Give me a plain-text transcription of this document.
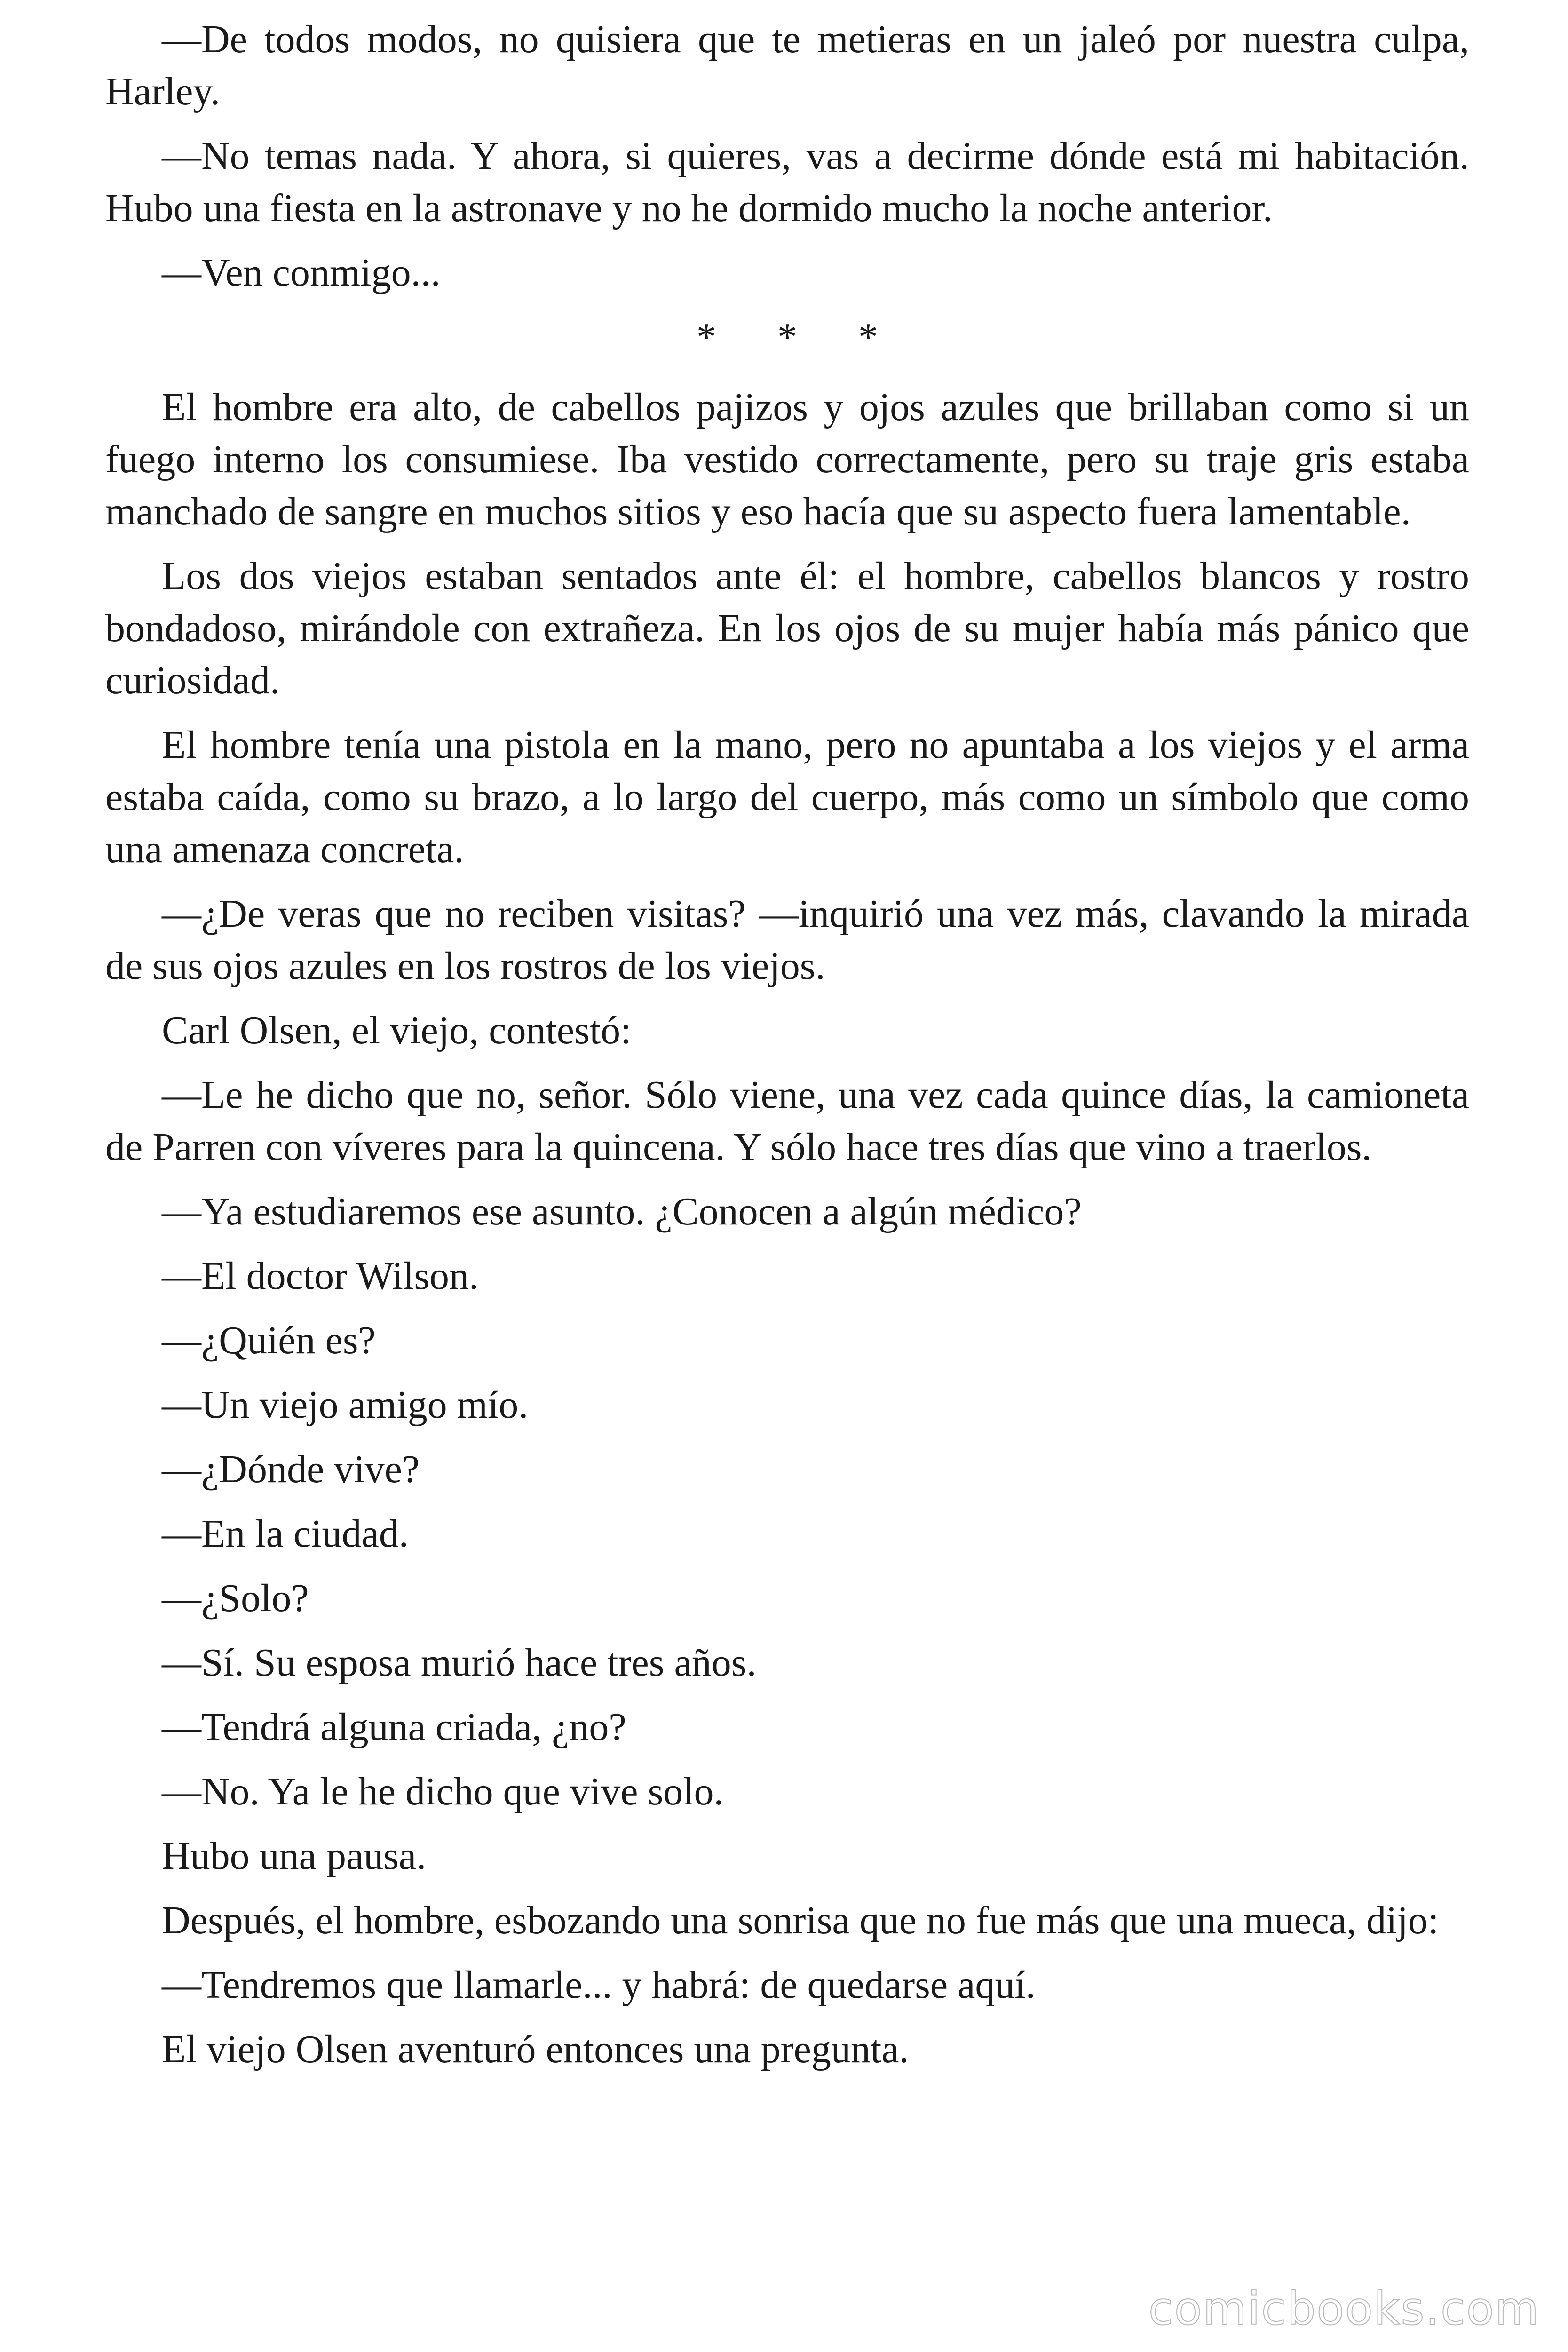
—De todos modos, no quisiera que te metieras en un jaleó por nuestra culpa, Harley.

—No temas nada. Y ahora, si quieres, vas a decirme dónde está mi habitación. Hubo una fiesta en la astronave y no he dormido mucho la noche anterior.

—Ven conmigo...

* * *

El hombre era alto, de cabellos pajizos y ojos azules que brillaban como si un fuego interno los consumiese. Iba vestido correctamente, pero su traje gris estaba manchado de sangre en muchos sitios y eso hacía que su aspecto fuera lamentable.

Los dos viejos estaban sentados ante él: el hombre, cabellos blancos y rostro bondadoso, mirándole con extrañeza. En los ojos de su mujer había más pánico que curiosidad.

El hombre tenía una pistola en la mano, pero no apuntaba a los viejos y el arma estaba caída, como su brazo, a lo largo del cuerpo, más como un símbolo que como una amenaza concreta.

—¿De veras que no reciben visitas? —inquirió una vez más, clavando la mirada de sus ojos azules en los rostros de los viejos.

Carl Olsen, el viejo, contestó:

—Le he dicho que no, señor. Sólo viene, una vez cada quince días, la camioneta de Parren con víveres para la quincena. Y sólo hace tres días que vino a traerlos.

—Ya estudiaremos ese asunto. ¿Conocen a algún médico?

—El doctor Wilson.

—¿Quién es?

—Un viejo amigo mío.

—¿Dónde vive?

—En la ciudad.

—¿Solo?

—Sí. Su esposa murió hace tres años.

—Tendrá alguna criada, ¿no?

—No. Ya le he dicho que vive solo.

Hubo una pausa.

Después, el hombre, esbozando una sonrisa que no fue más que una mueca, dijo:

—Tendremos que llamarle... y habrá: de quedarse aquí.

El viejo Olsen aventuró entonces una pregunta.

comicbooks.com
